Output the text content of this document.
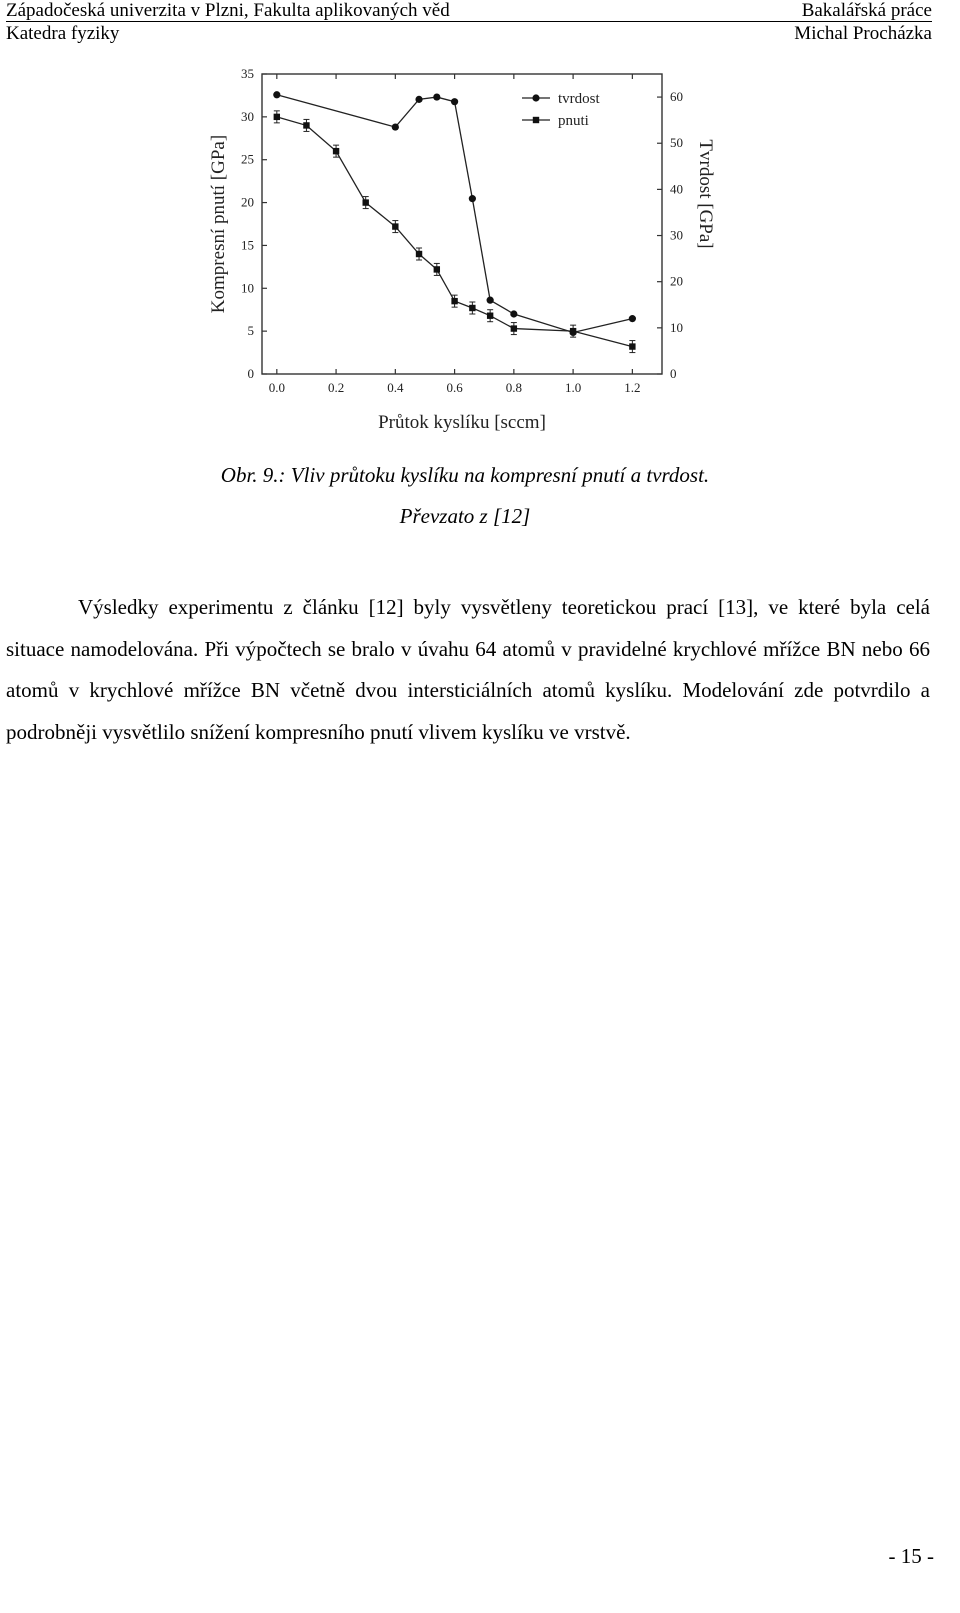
Západočeská univerzita v Plzni, Fakulta aplikovaných věd	Bakalářská práce
Katedra fyziky	Michal Procházka
0.0	0.2	0.4	0.6	0.8	1.0	1.2
0
5
10
15
20
25
30
35
0
10
20
30
40
50
60
Průtok kyslíku [sccm]
Kompresní pnutí [GPa]	Tvrdost [GPa]
tvrdost
pnuti
Obr. 9.: Vliv průtoku kyslíku na kompresní pnutí a tvrdost.
Převzato z [12]
Výsledky experimentu z článku [12] byly vysvětleny teoretickou prací [13], ve které byla celá situace namodelována. Při výpočtech se bralo v úvahu 64 atomů v pravidelné krychlové mřížce BN nebo 66 atomů v krychlové mřížce BN včetně dvou intersticiálních atomů kyslíku. Modelování zde potvrdilo a podrobněji vysvětlilo snížení kompresního pnutí vlivem kyslíku ve vrstvě.
- 15 -
